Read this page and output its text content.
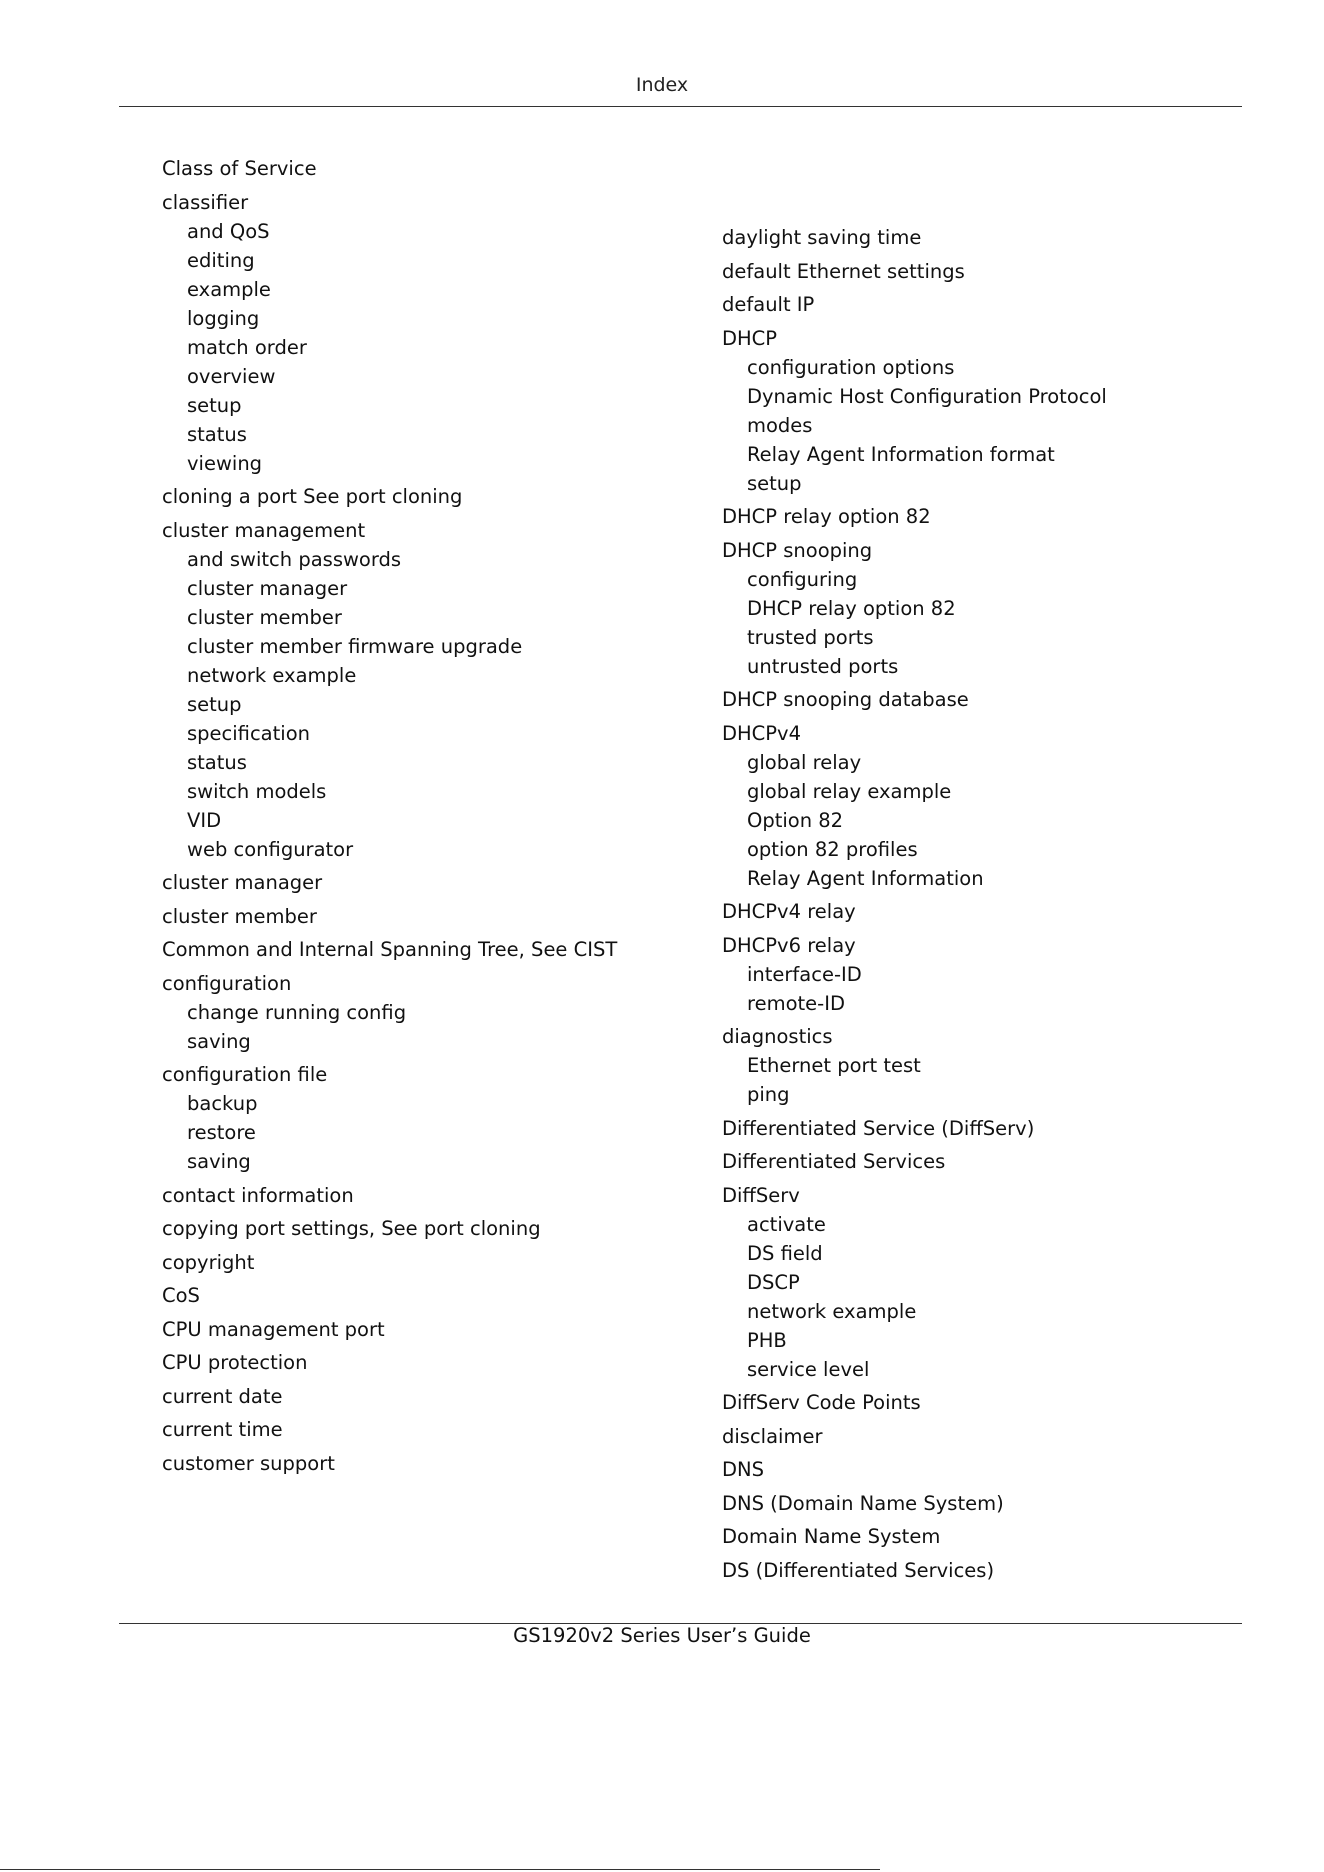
Index
Class of Service
classifier
and QoS
editing
example
logging
match order
overview
setup
status
viewing
cloning a port See port cloning
cluster management
and switch passwords
cluster manager
cluster member
cluster member firmware upgrade
network example
setup
specification
status
switch models
VID
web configurator
cluster manager
cluster member
Common and Internal Spanning Tree, See CIST
configuration
change running config
saving
configuration file
backup
restore
saving
contact information
copying port settings, See port cloning
copyright
CoS
CPU management port
CPU protection
current date
current time
customer support
daylight saving time
default Ethernet settings
default IP
DHCP
configuration options
Dynamic Host Configuration Protocol
modes
Relay Agent Information format
setup
DHCP relay option 82
DHCP snooping
configuring
DHCP relay option 82
trusted ports
untrusted ports
DHCP snooping database
DHCPv4
global relay
global relay example
Option 82
option 82 profiles
Relay Agent Information
DHCPv4 relay
DHCPv6 relay
interface-ID
remote-ID
diagnostics
Ethernet port test
ping
Differentiated Service (DiffServ)
Differentiated Services
DiffServ
activate
DS field
DSCP
network example
PHB
service level
DiffServ Code Points
disclaimer
DNS
DNS (Domain Name System)
Domain Name System
DS (Differentiated Services)
GS1920v2 Series User’s Guide
